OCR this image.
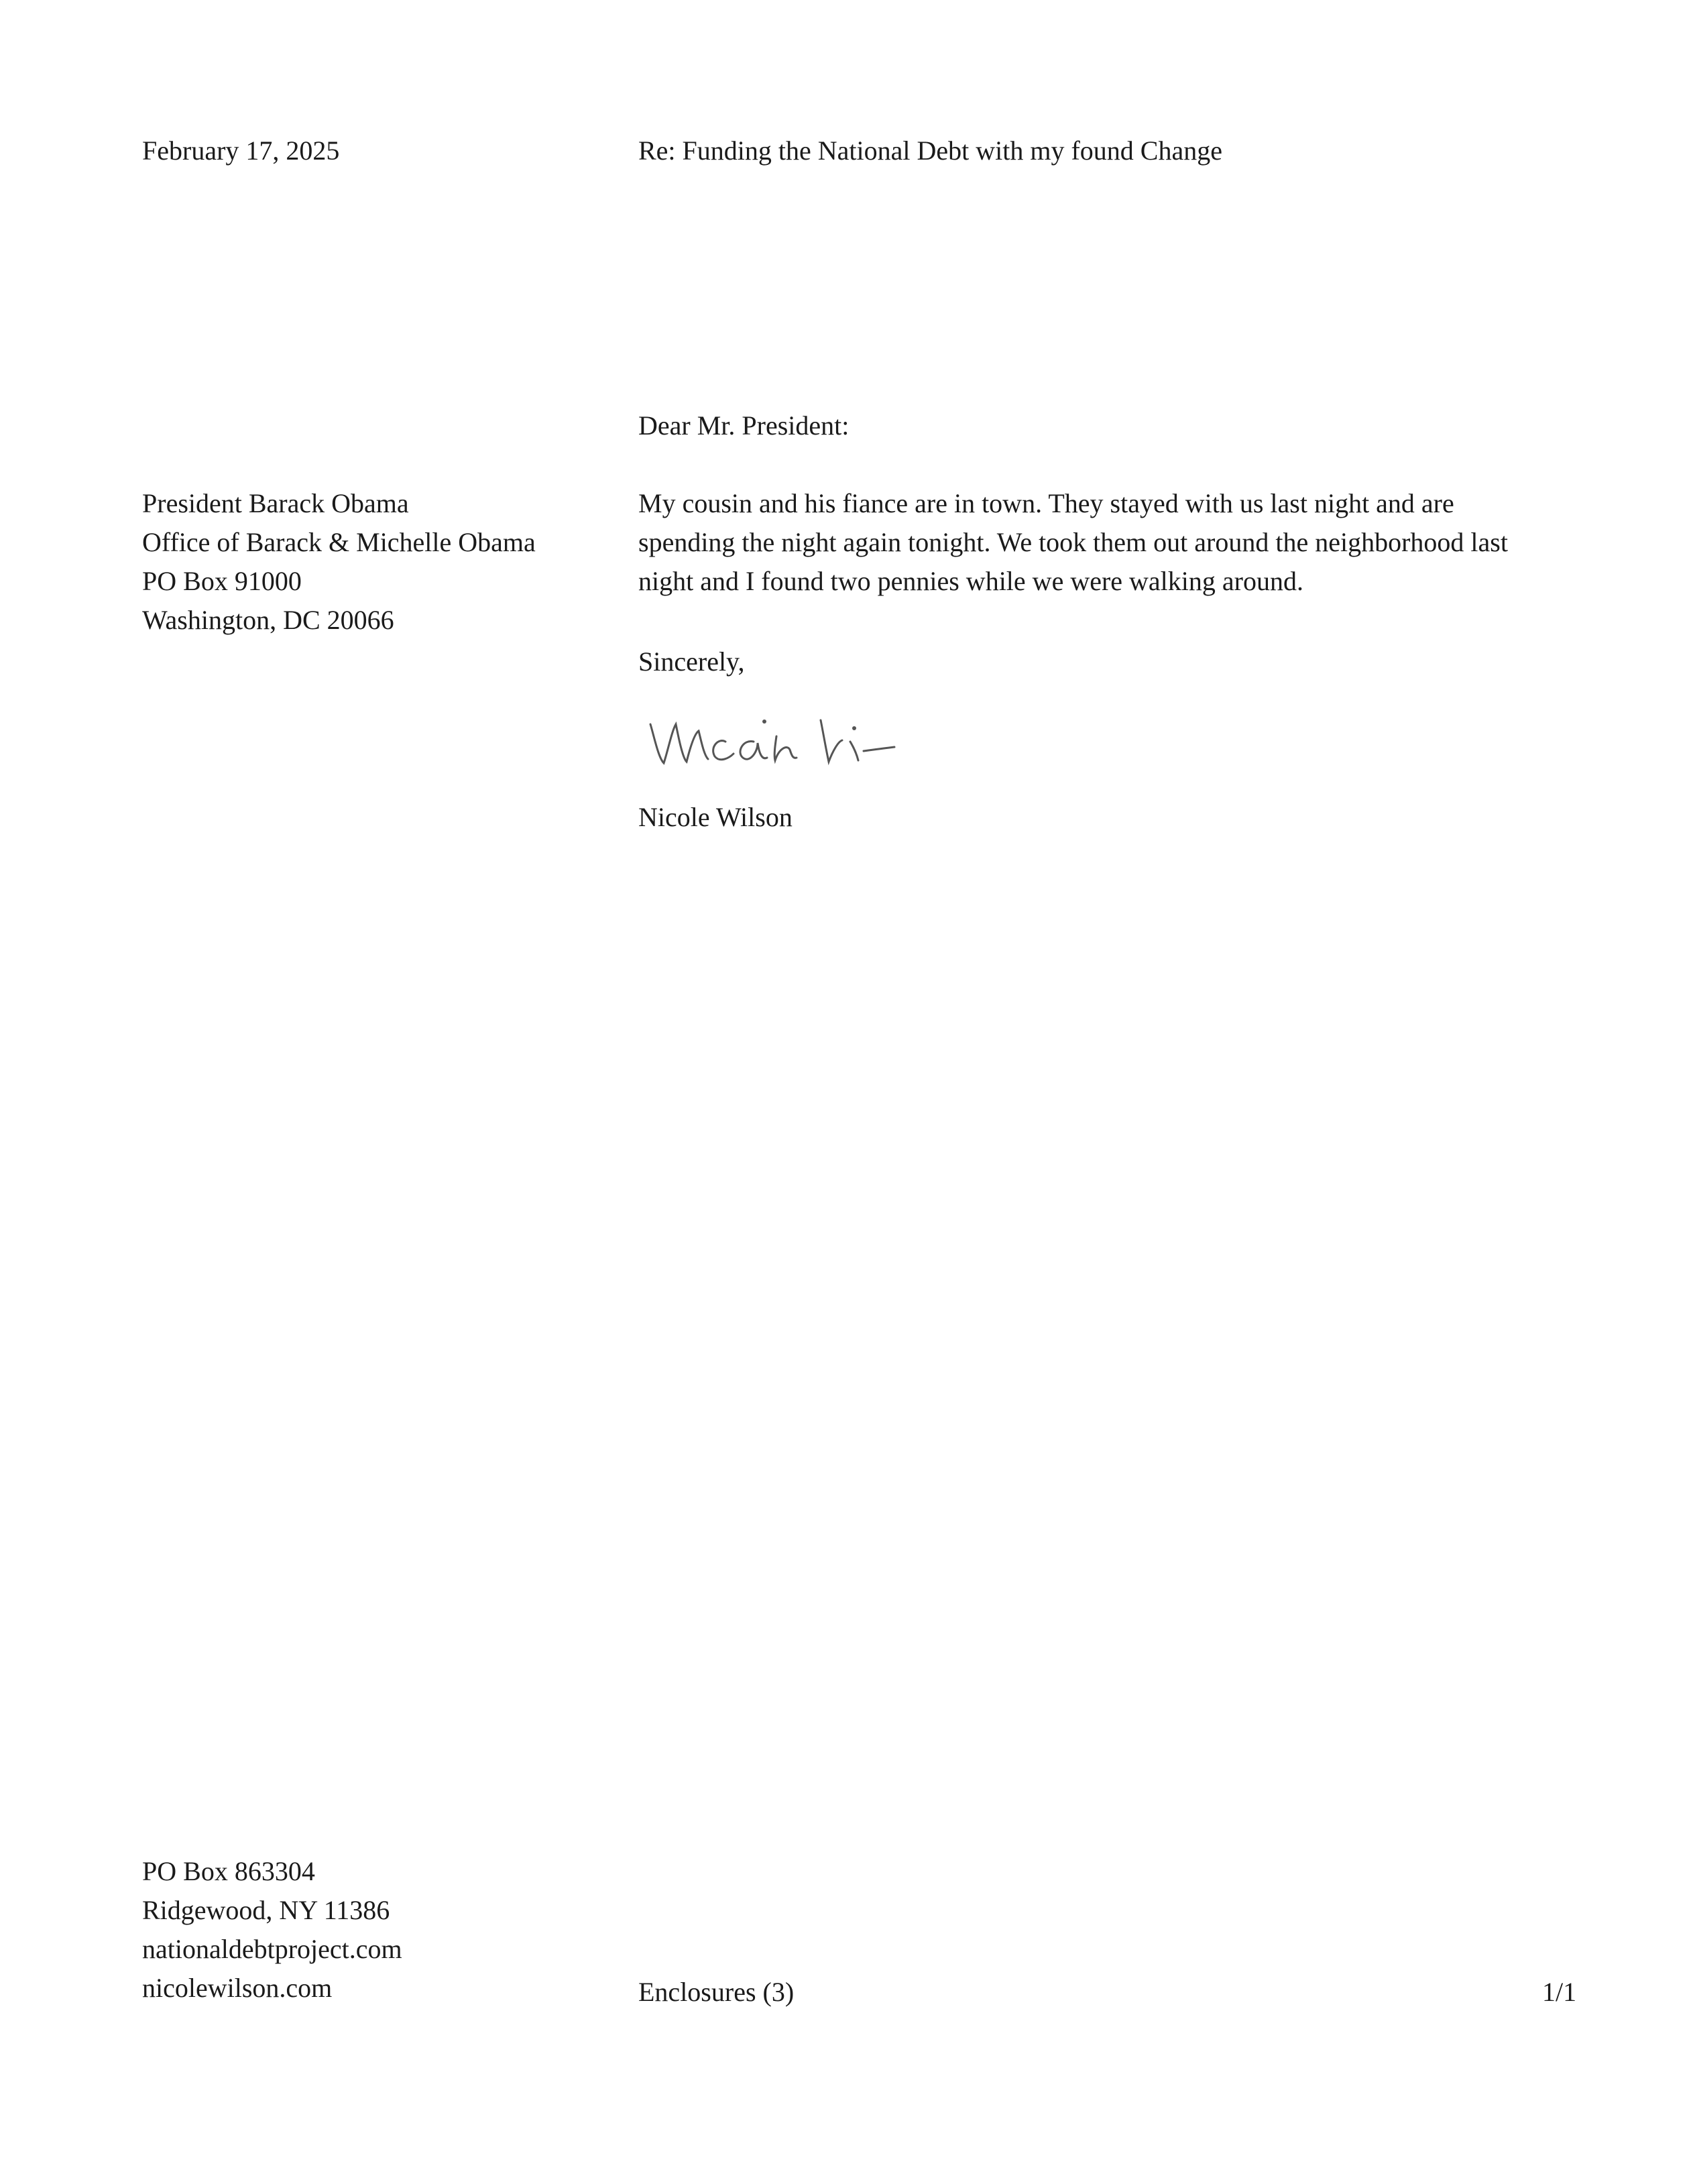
February 17, 2025	Re: Funding the National Debt with my found Change

Dear Mr. President:

President Barack Obama
Office of Barack & Michelle Obama
PO Box 91000
Washington, DC 20066
My cousin and his fiance are in town. They stayed with us last night and are
spending the night again tonight. We took them out around the neighborhood last
night and I found two pennies while we were walking around.

Sincerely,

Nicole Wilson

PO Box 863304
Ridgewood, NY 11386
nationaldebtproject.com
nicolewilson.com	Enclosures (3)	1/1
